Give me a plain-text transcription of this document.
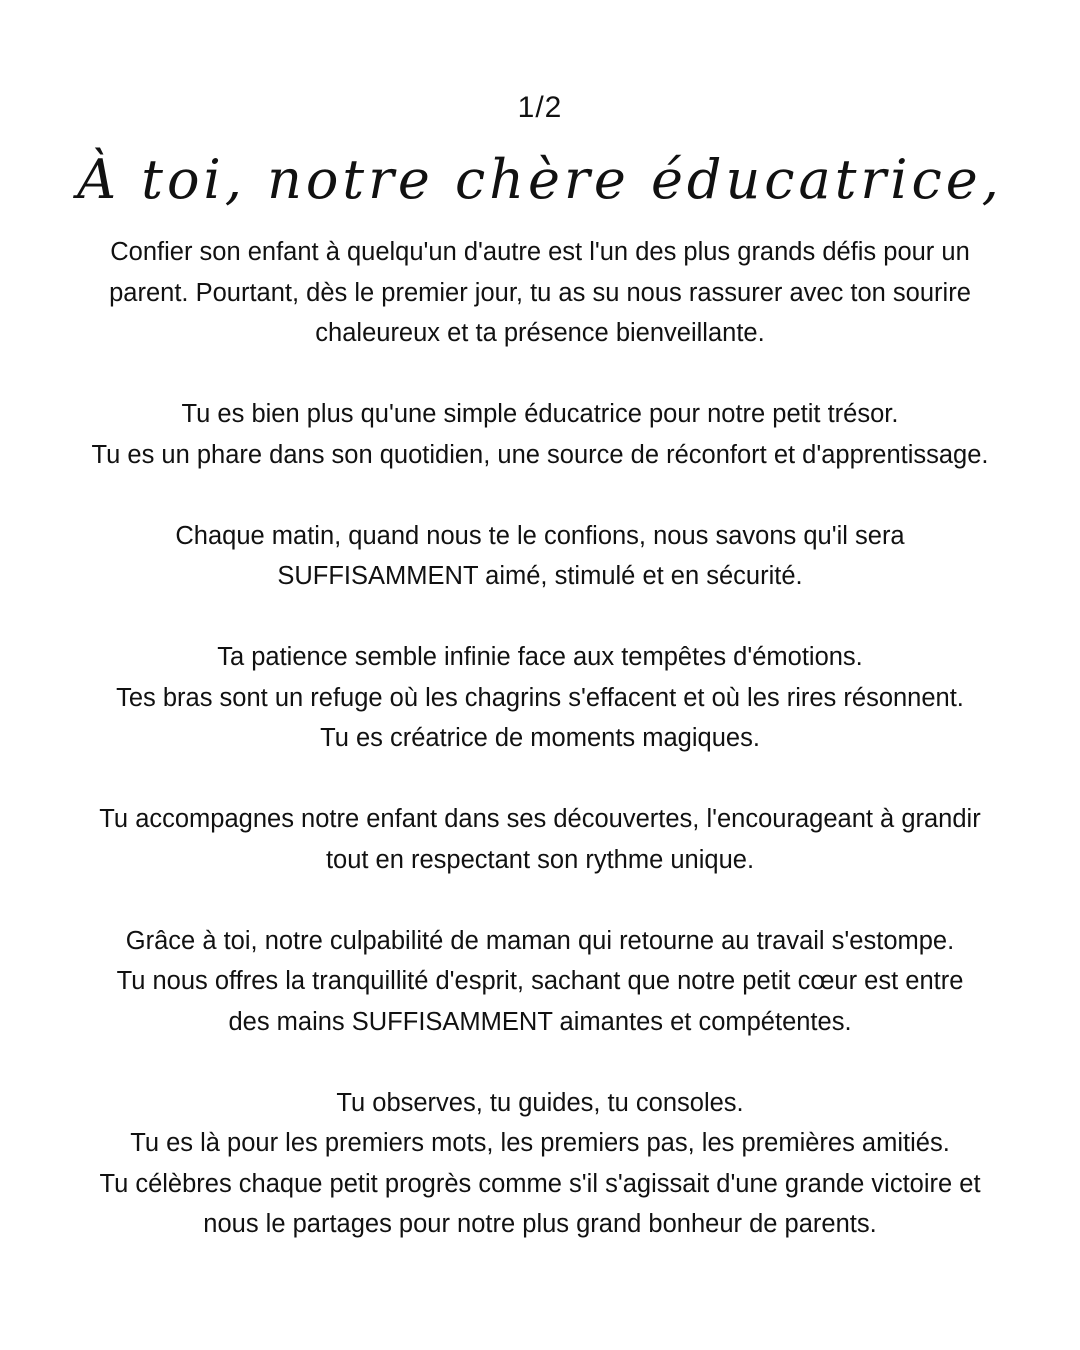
1/2
À toi, notre chère éducatrice,
Confier son enfant à quelqu'un d'autre est l'un des plus grands défis pour un
parent. Pourtant, dès le premier jour, tu as su nous rassurer avec ton sourire
chaleureux et ta présence bienveillante.
Tu es bien plus qu'une simple éducatrice pour notre petit trésor.
Tu es un phare dans son quotidien, une source de réconfort et d'apprentissage.
Chaque matin, quand nous te le confions, nous savons qu'il sera
SUFFISAMMENT aimé, stimulé et en sécurité.
Ta patience semble infinie face aux tempêtes d'émotions.
Tes bras sont un refuge où les chagrins s'effacent et où les rires résonnent.
Tu es créatrice de moments magiques.
Tu accompagnes notre enfant dans ses découvertes, l'encourageant à grandir
tout en respectant son rythme unique.
Grâce à toi, notre culpabilité de maman qui retourne au travail s'estompe.
Tu nous offres la tranquillité d'esprit, sachant que notre petit cœur est entre
des mains SUFFISAMMENT aimantes et compétentes.
Tu observes, tu guides, tu consoles.
Tu es là pour les premiers mots, les premiers pas, les premières amitiés.
Tu célèbres chaque petit progrès comme s'il s'agissait d'une grande victoire et
nous le partages pour notre plus grand bonheur de parents.
